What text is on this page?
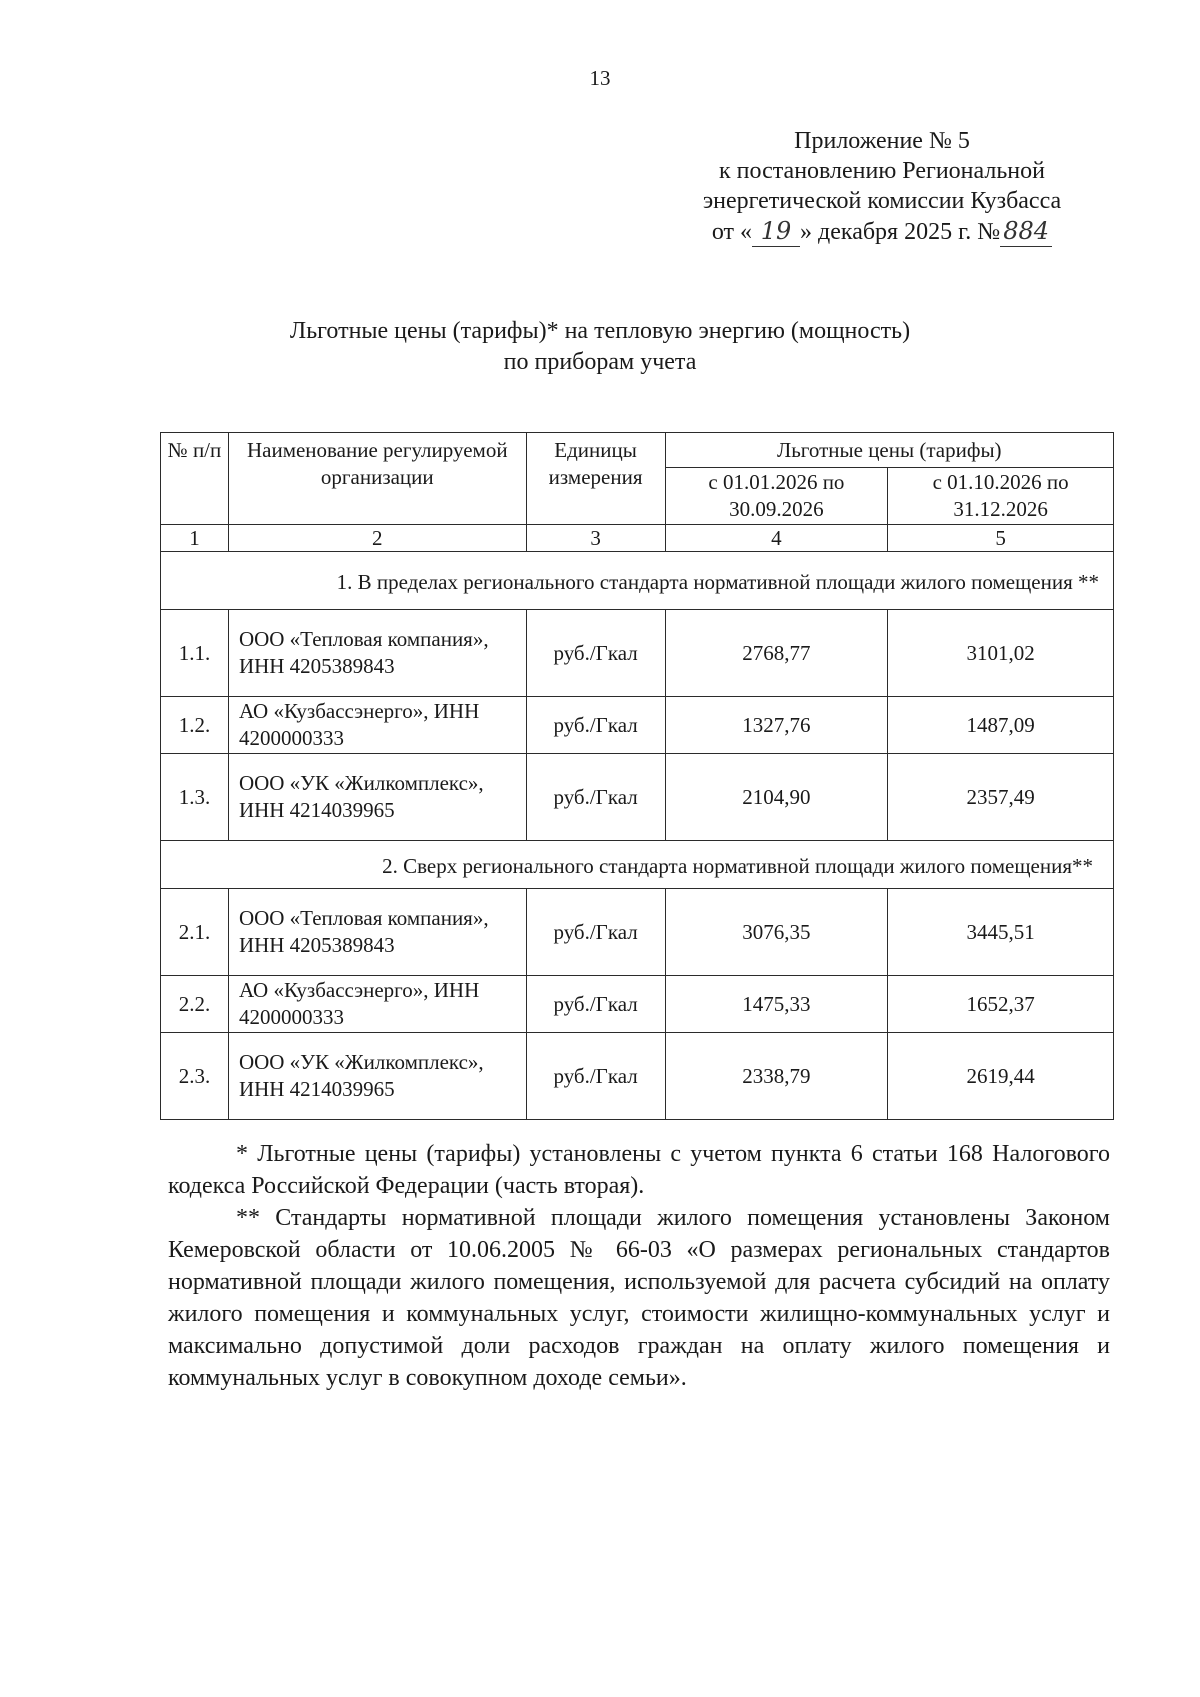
13
Приложение № 5
к постановлению Региональной
энергетической комиссии Кузбасса
от « 19 » декабря 2025 г. № 884
Льготные цены (тарифы)* на тепловую энергию (мощность)
по приборам учета
№ п/п	Наименование регулируемой организации	Единицы измерения	Льготные цены (тарифы)	
			с 01.01.2026 по 30.09.2026	с 01.10.2026 по 31.12.2026
1	2	3	4	5
1. В пределах регионального стандарта нормативной площади жилого помещения **				
1.1.	ООО «Тепловая компания», ИНН 4205389843	руб./Гкал	2768,77	3101,02
1.2.	АО «Кузбассэнерго», ИНН 4200000333	руб./Гкал	1327,76	1487,09
1.3.	ООО «УК «Жилкомплекс», ИНН 4214039965	руб./Гкал	2104,90	2357,49
2. Сверх регионального стандарта нормативной площади жилого помещения**				
2.1.	ООО «Тепловая компания», ИНН 4205389843	руб./Гкал	3076,35	3445,51
2.2.	АО «Кузбассэнерго», ИНН 4200000333	руб./Гкал	1475,33	1652,37
2.3.	ООО «УК «Жилкомплекс», ИНН 4214039965	руб./Гкал	2338,79	2619,44

* Льготные цены (тарифы) установлены с учетом пункта 6 статьи 168 Налогового кодекса Российской Федерации (часть вторая).

** Стандарты нормативной площади жилого помещения установлены Законом Кемеровской области от 10.06.2005 № 66-03 «О размерах региональных стандартов нормативной площади жилого помещения, используемой для расчета субсидий на оплату жилого помещения и коммунальных услуг, стоимости жилищно-коммунальных услуг и максимально допустимой доли расходов граждан на оплату жилого помещения и коммунальных услуг в совокупном доходе семьи».
